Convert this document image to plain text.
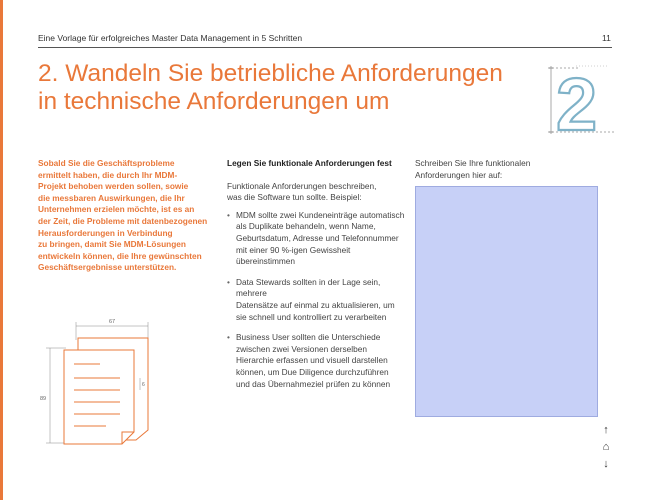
Eine Vorlage für erfolgreiches Master Data Management in 5 Schritten	11
2. Wandeln Sie betriebliche Anforderungen
in technische Anforderungen um	2
Sobald Sie die Geschäftsprobleme
ermittelt haben, die durch Ihr MDM-
Projekt behoben werden sollen, sowie
die messbaren Auswirkungen, die Ihr
Unternehmen erzielen möchte, ist es an
der Zeit, die Probleme mit datenbezogenen
Herausforderungen in Verbindung
zu bringen, damit Sie MDM-Lösungen
entwickeln können, die Ihre gewünschten
Geschäftsergebnisse unterstützen.
67
89
6
Legen Sie funktionale Anforderungen fest
Funktionale Anforderungen beschreiben,
was die Software tun sollte. Beispiel:
• MDM sollte zwei Kundeneinträge automatisch
als Duplikate behandeln, wenn Name,
Geburtsdatum, Adresse und Telefonnummer
mit einer 90 %-igen Gewissheit übereinstimmen
• Data Stewards sollten in der Lage sein, mehrere
Datensätze auf einmal zu aktualisieren, um
sie schnell und kontrolliert zu verarbeiten
• Business User sollten die Unterschiede
zwischen zwei Versionen derselben
Hierarchie erfassen und visuell darstellen
können, um Due Diligence durchzuführen
und das Übernahmeziel prüfen zu können
Schreiben Sie Ihre funktionalen
Anforderungen hier auf:
↑
⌂
↓
